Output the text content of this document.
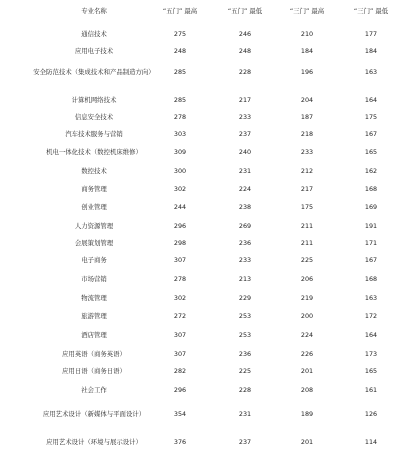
专业名称	“五门” 最高	“五门” 最低	“三门” 最高	“三门” 最低
通信技术	275	246	210	177
应用电子技术	248	248	184	184
安全防范技术（集成技术和产品制造方向）	285	228	196	163
计算机网络技术	285	217	204	164
信息安全技术	278	233	187	175
汽车技术服务与营销	303	237	218	167
机电一体化技术（数控机床维修）	309	240	233	165
数控技术	300	231	212	162
商务管理	302	224	217	168
创业管理	244	238	175	169
人力资源管理	296	269	211	191
会展策划管理	298	236	211	171
电子商务	307	233	225	167
市场营销	278	213	206	168
物流管理	302	229	219	163
旅游管理	272	253	200	172
酒店管理	307	253	224	164
应用英语（商务英语）	307	236	226	173
应用日语（商务日语）	282	225	201	165
社会工作	296	228	208	161
应用艺术设计（新媒体与平面设计）	354	231	189	126
应用艺术设计（环境与展示设计）	376	237	201	114
